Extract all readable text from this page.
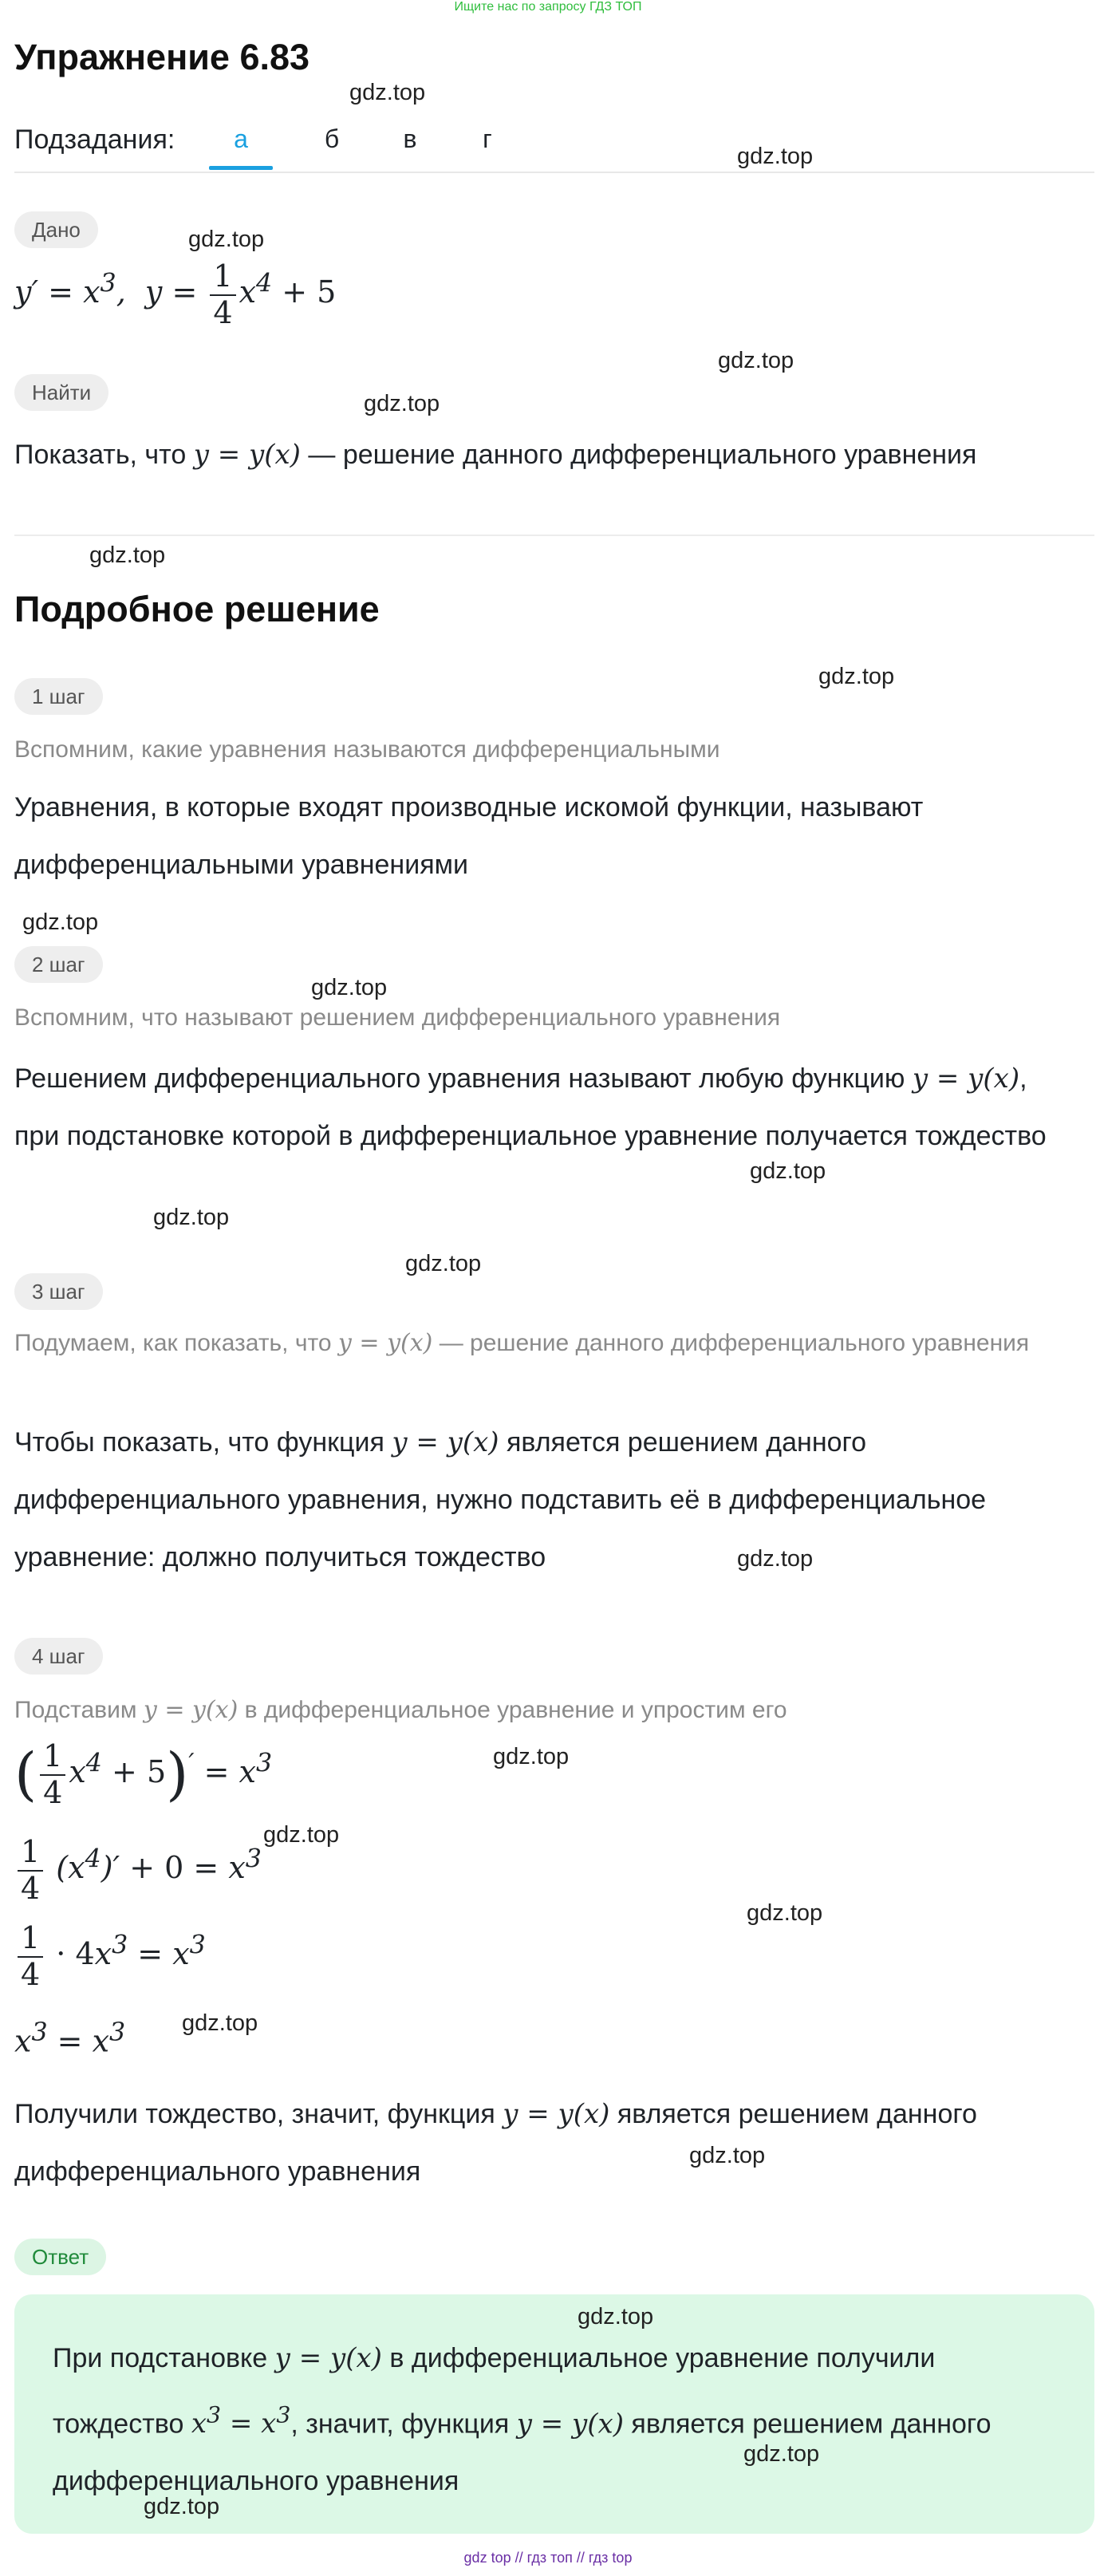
Ищите нас по запросу ГДЗ ТОП
Упражнение 6.83
Подзадания:	а	б	в	г
Дано
$y' = x^3$,  $y = \frac{1}{4} x^4 + 5$
Найти
Показать, что y = y(x) — решение данного дифференциального уравнения
Подробное решение
1 шаг
Вспомним, какие уравнения называются дифференциальными
Уравнения, в которые входят производные искомой функции, называют дифференциальными уравнениями
2 шаг
Вспомним, что называют решением дифференциального уравнения
Решением дифференциального уравнения называют любую функцию y = y(x), при подстановке которой в дифференциальное уравнение получается тождество
3 шаг
Подумаем, как показать, что y = y(x) — решение данного дифференциального уравнения
Чтобы показать, что функция y = y(x) является решением данного дифференциального уравнения, нужно подставить её в дифференциальное уравнение: должно получиться тождество
4 шаг
Подставим y = y(x) в дифференциальное уравнение и упростим его
( $\frac{1}{4} x^4 + 5)' = x^3$
$\frac{1}{4} (x^4)' + 0 = x^3$
$\frac{1}{4} \cdot 4x^3 = x^3$
$x^3 = x^3$
Получили тождество, значит, функция y = y(x) является решением данного дифференциального уравнения
Ответ
При подстановке y = y(x) в дифференциальное уравнение получили тождество $x^3 = x^3$, значит, функция y = y(x) является решением данного дифференциального уравнения
gdz.top
gdz.top
gdz.top
gdz.top
gdz.top
gdz.top
gdz.top
gdz.top
gdz.top
gdz.top
gdz.top
gdz.top
gdz.top
gdz.top
gdz.top
gdz.top
gdz.top
gdz.top
gdz.top
gdz.top
gdz.top
gdz top // гдз топ // гдз top
